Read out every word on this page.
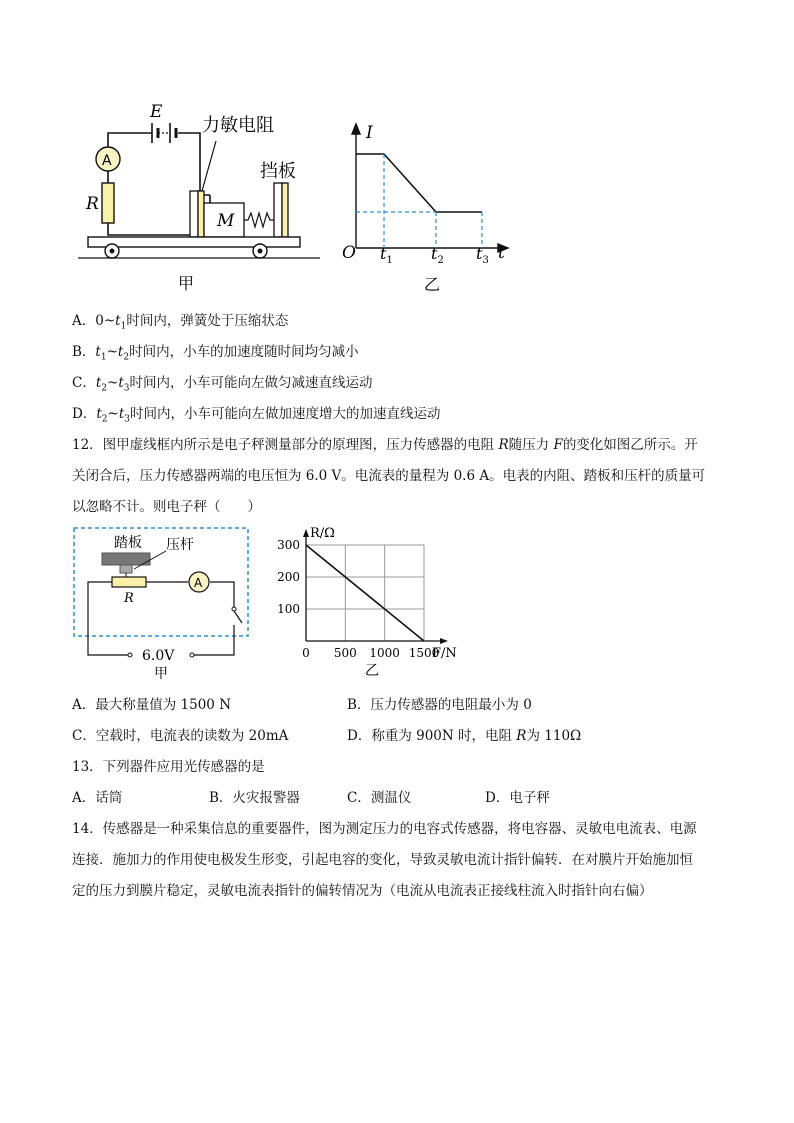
E
A
R
力敏电阻
M
挡板
甲
I
O	t
$t_1$ $t_2$ $t_3$
乙
A．$0\sim t_1$时间内，弹簧处于压缩状态
B．$t_1\sim t_2$时间内，小车的加速度随时间均匀减小
C．$t_2\sim t_3$时间内，小车可能向左做匀减速直线运动
D．$t_2\sim t_3$时间内，小车可能向左做加速度增大的加速直线运动
12．图甲虚线框内所示是电子秤测量部分的原理图，压力传感器的电阻 R随压力 F的变化如图乙所示。开
关闭合后，压力传感器两端的电压恒为 6.0 V。电流表的量程为 0.6 A。电表的内阻、踏板和压杆的质量可
以忽略不计。则电子秤（　　）
踏板 压杆
R
A
6.0V
甲
500 1000 1500
100
200
300
0
R/Ω
F/N
乙
A．最大称量值为 1500 N	B．压力传感器的电阻最小为 0
C．空载时，电流表的读数为 20mA	D．称重为 900N 时，电阻 R为 110Ω
13．下列器件应用光传感器的是
A．话筒	B．火灾报警器	C．测温仪	D．电子秤
14．传感器是一种采集信息的重要器件，图为测定压力的电容式传感器，将电容器、灵敏电电流表、电源
连接．施加力的作用使电极发生形变，引起电容的变化，导致灵敏电流计指针偏转．在对膜片开始施加恒
定的压力到膜片稳定，灵敏电流表指针的偏转情况为（电流从电流表正接线柱流入时指针向右偏）
